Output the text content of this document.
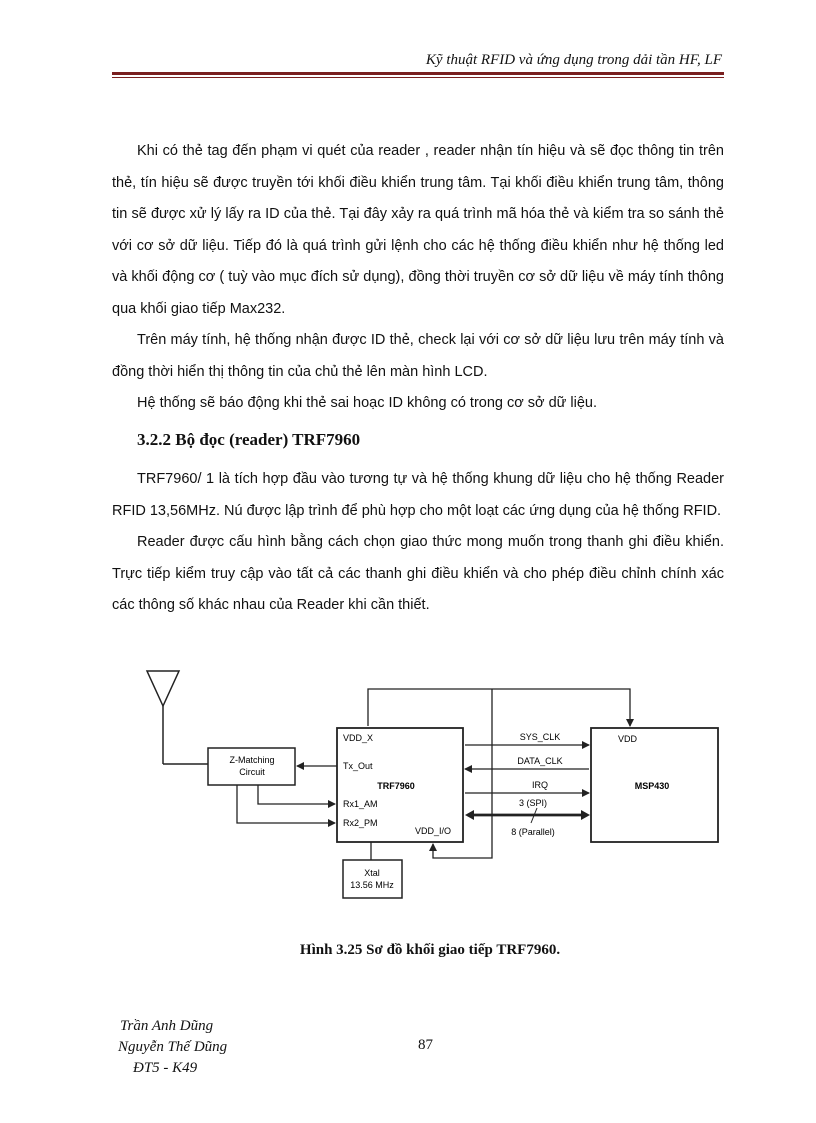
Kỹ thuật RFID và ứng dụng trong dải tần HF, LF

Khi có thẻ tag đến phạm vi quét của reader , reader nhận tín hiệu và sẽ đọc thông tin trên thẻ, tín hiệu sẽ được truyền tới khối điều khiển trung tâm. Tại khối điều khiển trung tâm, thông tin sẽ được xử lý lấy ra ID của thẻ. Tại đây xảy ra quá trình mã hóa thẻ và kiểm tra so sánh thẻ với cơ sở dữ liệu. Tiếp đó là quá trình gửi lệnh cho các hệ thống điều khiển như hệ thống led và khối động cơ ( tuỳ vào mục đích sử dụng), đồng thời truyền cơ sở dữ liệu về máy tính thông qua khối giao tiếp Max232.

Trên máy tính, hệ thống nhận được ID thẻ, check lại với cơ sở dữ liệu lưu trên máy tính và đồng thời hiển thị thông tin của chủ thẻ lên màn hình LCD.

Hệ thống sẽ báo động khi thẻ sai hoạc ID không có trong cơ sở dữ liệu.

3.2.2 Bộ đọc (reader) TRF7960

TRF7960/ 1 là tích hợp đầu vào tương tự và hệ thống khung dữ liệu cho hệ thống Reader RFID 13,56MHz. Nú được lập trình để phù hợp cho một loạt các ứng dụng của hệ thống RFID.

Reader được cấu hình bằng cách chọn giao thức mong muốn trong thanh ghi điều khiển. Trực tiếp kiểm truy cập vào tất cả các thanh ghi điều khiển và cho phép điều chỉnh chính xác các thông số khác nhau của Reader khi cần thiết.

Z-Matching
Circuit
VDD_X
Tx_Out
TRF7960
Rx1_AM
Rx2_PM
VDD_I/O
Xtal
13.56 MHz
VDD
MSP430
SYS_CLK
DATA_CLK
IRQ
3 (SPI)
8 (Parallel)
Hình 3.25 Sơ đồ khối giao tiếp TRF7960.
Trần Anh Dũng
Nguyễn Thế Dũng
ĐT5 - K49
87
